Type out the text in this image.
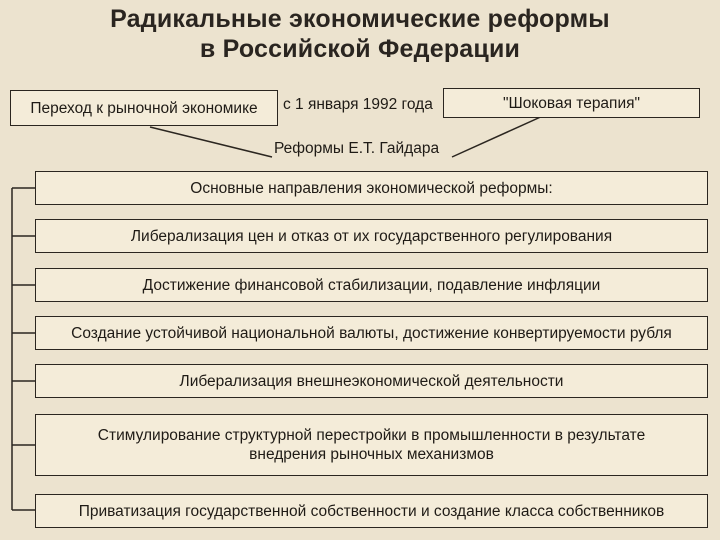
Радикальные экономические реформы
в Российской Федерации
Переход к рыночной экономике с 1 января 1992 года	"Шоковая терапия"
Реформы Е.Т. Гайдара
Основные направления экономической реформы:
Либерализация цен и отказ от их государственного регулирования
Достижение финансовой стабилизации, подавление инфляции
Создание устойчивой национальной валюты, достижение конвертируемости рубля
Либерализация внешнеэкономической деятельности
Стимулирование структурной перестройки в промышленности в результате внедрения рыночных механизмов
Приватизация государственной собственности и создание класса собственников
